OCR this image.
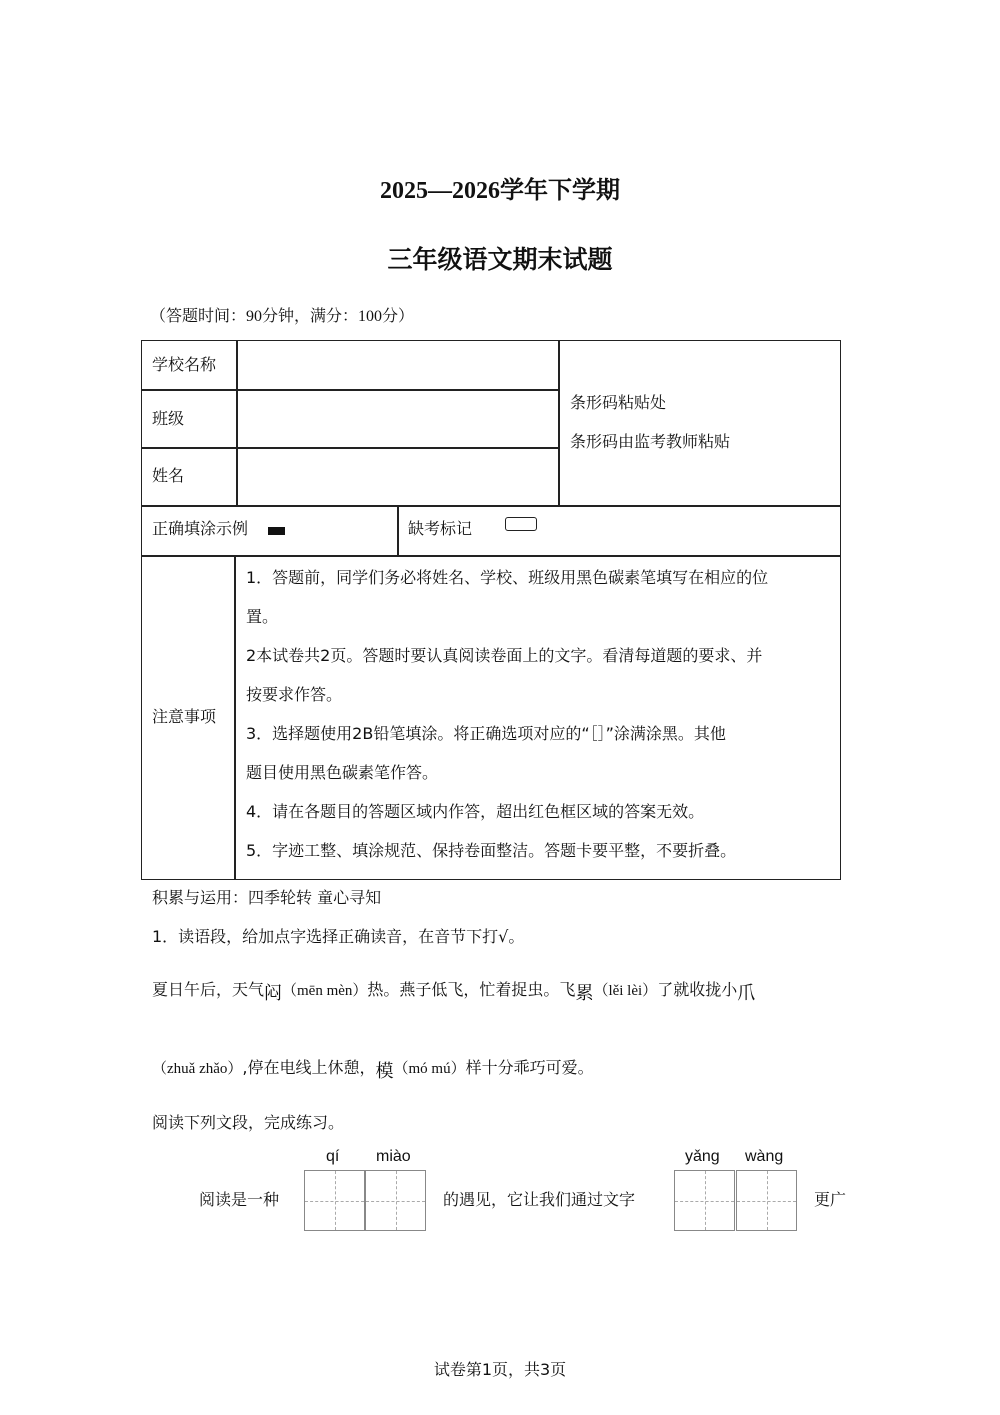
2025—2026学年下学期
三年级语文期末试题
（答题时间：90分钟，满分：100分）
学校名称
班级
姓名
条形码粘贴处
条形码由监考教师粘贴
正确填涂示例	缺考标记
注意事项
1．答题前，同学们务必将姓名、学校、班级用黑色碳素笔填写在相应的位
置。
2本试卷共2页。答题时要认真阅读卷面上的文字。看清每道题的要求、并
按要求作答。
3．选择题使用2B铅笔填涂。将正确选项对应的“［］”涂满涂黑。其他
题目使用黑色碳素笔作答。
4．请在各题目的答题区域内作答，超出红色框区域的答案无效。
5．字迹工整、填涂规范、保持卷面整洁。答题卡要平整，不要折叠。
积累与运用：四季轮转 童心寻知
1．读语段，给加点字选择正确读音，在音节下打√。
夏日午后，天气闷（mēn mèn）热。燕子低飞，忙着捉虫。飞累（lěi lèi）了就收拢小爪
（zhuǎ zhǎo）,停在电线上休憩，模（mó mú）样十分乖巧可爱。
阅读下列文段，完成练习。
阅读是一种
qí miào
的遇见，它让我们通过文字
yǎng wàng
更广
试卷第1页，共3页
